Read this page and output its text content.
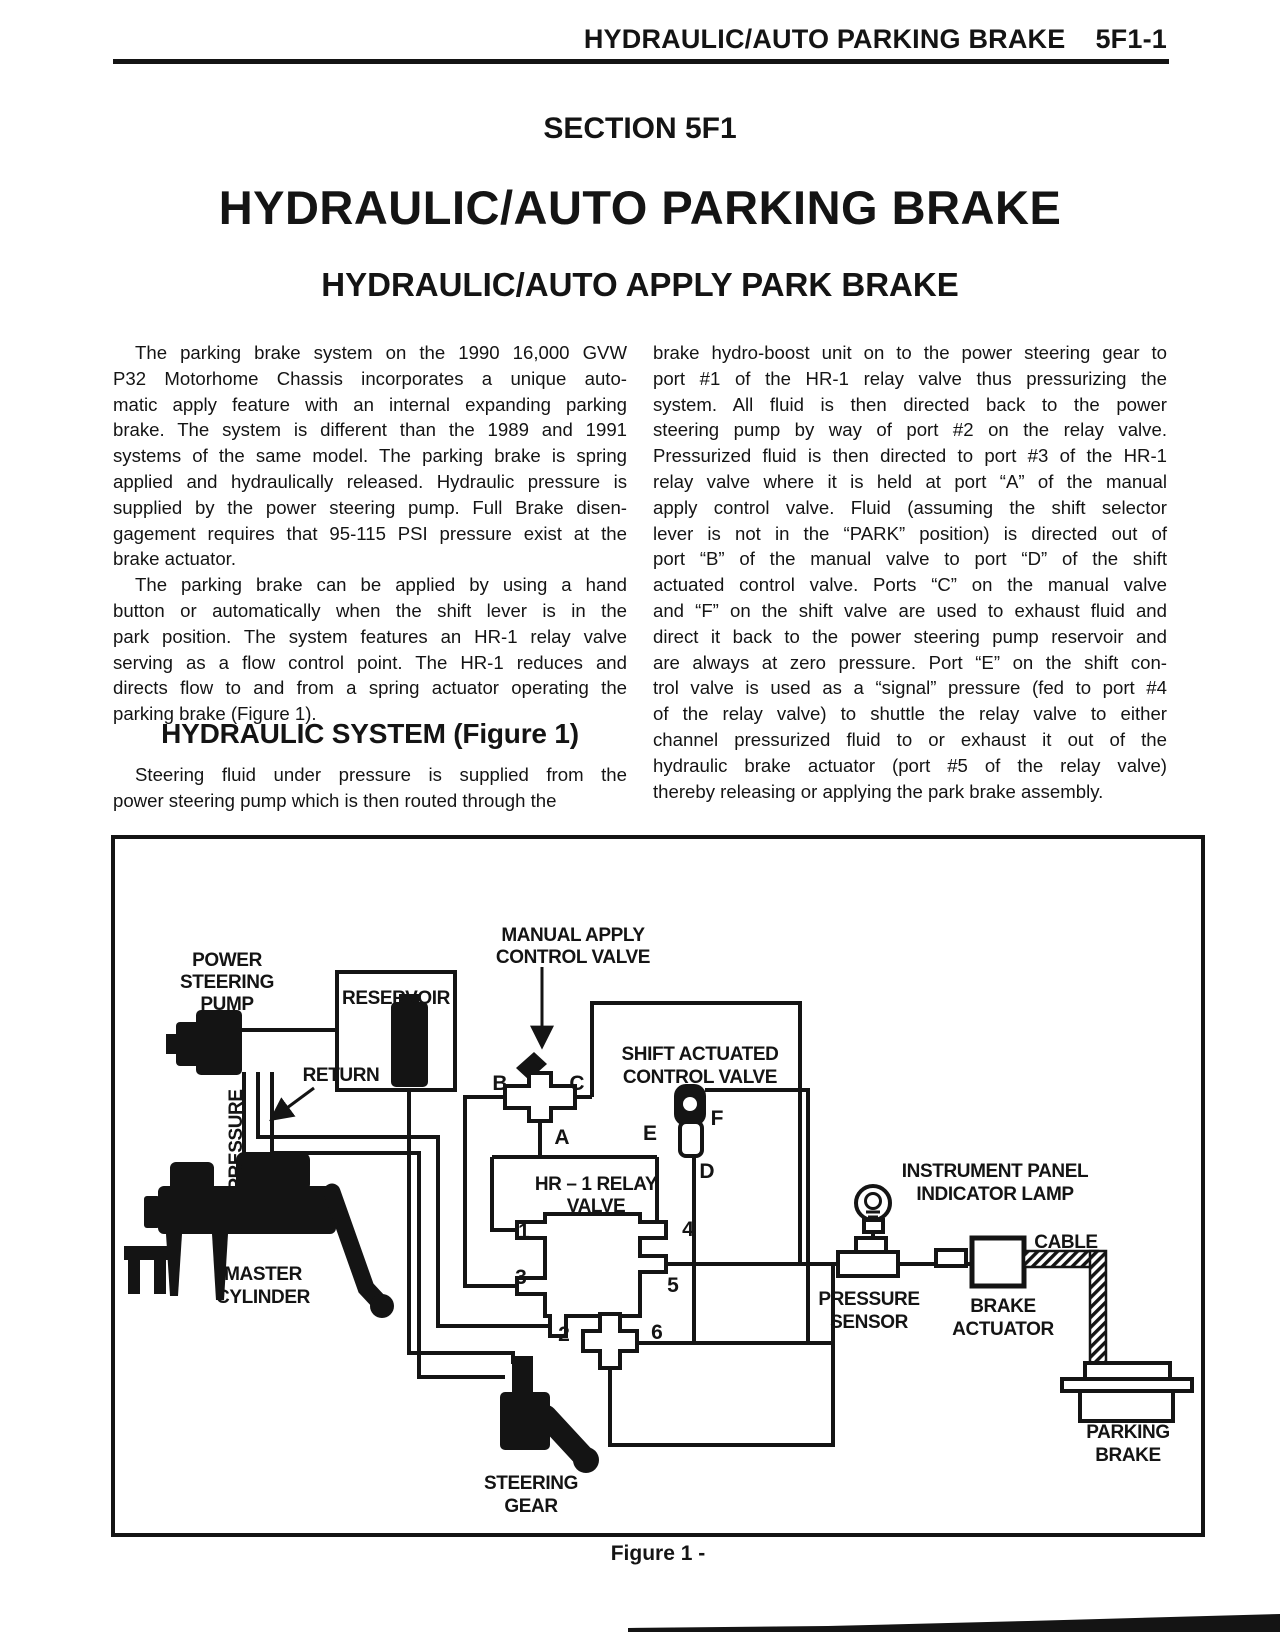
HYDRAULIC/AUTO PARKING BRAKE 5F1-1
SECTION 5F1
HYDRAULIC/AUTO PARKING BRAKE
HYDRAULIC/AUTO APPLY PARK BRAKE
The parking brake system on the 1990 16,000 GVW
P32 Motorhome Chassis incorporates a unique auto-
matic apply feature with an internal expanding parking
brake. The system is different than the 1989 and 1991
systems of the same model. The parking brake is spring
applied and hydraulically released. Hydraulic pressure is
supplied by the power steering pump. Full Brake disen-
gagement requires that 95-115 PSI pressure exist at the
brake actuator.
The parking brake can be applied by using a hand
button or automatically when the shift lever is in the
park position. The system features an HR-1 relay valve
serving as a flow control point. The HR-1 reduces and
directs flow to and from a spring actuator operating the
parking brake (Figure 1).
HYDRAULIC SYSTEM (Figure 1)
Steering fluid under pressure is supplied from the
power steering pump which is then routed through the
brake hydro-boost unit on to the power steering gear to
port #1 of the HR-1 relay valve thus pressurizing the
system. All fluid is then directed back to the power
steering pump by way of port #2 on the relay valve.
Pressurized fluid is then directed to port #3 of the HR-1
relay valve where it is held at port “A” of the manual
apply control valve. Fluid (assuming the shift selector
lever is not in the “PARK” position) is directed out of
port “B” of the manual valve to port “D” of the shift
actuated control valve. Ports “C” on the manual valve
and “F” on the shift valve are used to exhaust fluid and
direct it back to the power steering pump reservoir and
are always at zero pressure. Port “E” on the shift con-
trol valve is used as a “signal” pressure (fed to port #4
of the relay valve) to shuttle the relay valve to either
channel pressurized fluid to or exhaust it out of the
hydraulic brake actuator (port #5 of the relay valve)
thereby releasing or applying the park brake assembly.
POWER
STEERING
PUMP	RESERVOIR
MANUAL APPLY
CONTROL VALVE
RETURN
PRESSURE
SHIFT ACTUATED
CONTROL VALVE
HR – 1 RELAY
VALVE
MASTER
CYLINDER
STEERING
GEAR
INSTRUMENT PANEL
INDICATOR LAMP
PRESSURE
SENSOR
BRAKE
ACTUATOR
CABLE
PARKING
BRAKE
B	C
A	E
F
D
1	4
3	5
2	6
Figure 1 -
